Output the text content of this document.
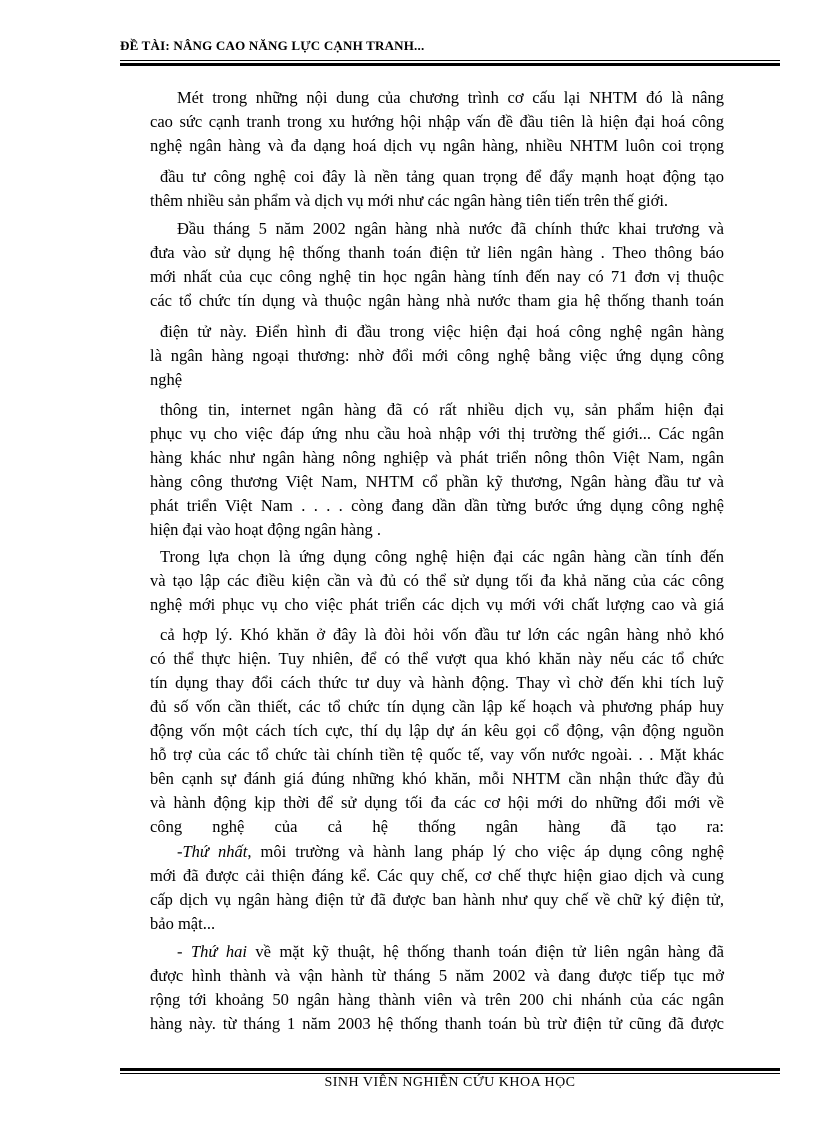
ĐỀ TÀI: NÂNG CAO NĂNG LỰC CẠNH TRANH...
Mét trong những nội dung của chương trình cơ cấu lại NHTM đó là nâng
cao sức cạnh tranh trong xu hướng hội nhập vấn đề đầu tiên là hiện đại hoá công
nghệ ngân hàng và đa dạng hoá dịch vụ ngân hàng, nhiều NHTM luôn coi trọng
đầu tư công nghệ coi đây là nền tảng quan trọng để đẩy mạnh hoạt động tạo
thêm nhiều sản phẩm và dịch vụ mới như các ngân hàng tiên tiến trên thế giới.
Đầu tháng 5 năm 2002 ngân hàng nhà nước đã chính thức khai trương và
đưa vào sử dụng hệ thống thanh toán điện tử liên ngân hàng . Theo thông báo
mới nhất của cục công nghệ tin học ngân hàng tính đến nay có 71 đơn vị thuộc
các tổ chức tín dụng và thuộc ngân hàng nhà nước tham gia hệ thống thanh toán
điện tử này. Điển hình đi đầu trong việc hiện đại hoá công nghệ ngân hàng
là ngân hàng ngoại thương: nhờ đổi mới công nghệ bằng việc ứng dụng công
nghệ
thông tin, internet ngân hàng đã có rất nhiều dịch vụ, sản phẩm hiện đại
phục vụ cho việc đáp ứng nhu cầu hoà nhập với thị trường thế giới... Các ngân
hàng khác như ngân hàng nông nghiệp và phát triển nông thôn Việt Nam, ngân
hàng công thương Việt Nam, NHTM cổ phần kỹ thương, Ngân hàng đầu tư và
phát triển Việt Nam . . . . còng đang dần dần từng bước ứng dụng công nghệ
hiện đại vào hoạt động ngân hàng .
Trong lựa chọn là ứng dụng công nghệ hiện đại các ngân hàng cần tính đến
và tạo lập các điều kiện cần và đủ có thể sử dụng tối đa khả năng của các công
nghệ mới phục vụ cho việc phát triển các dịch vụ mới với chất lượng cao và giá
cả hợp lý. Khó khăn ở đây là đòi hỏi vốn đầu tư lớn các ngân hàng nhỏ khó
có thể thực hiện. Tuy nhiên, để có thể vượt qua khó khăn này nếu các tổ chức
tín dụng thay đổi cách thức tư duy và hành động. Thay vì chờ đến khi tích luỹ
đủ số vốn cần thiết, các tổ chức tín dụng cần lập kế hoạch và phương pháp huy
động vốn một cách tích cực, thí dụ lập dự án kêu gọi cổ động, vận động nguồn
hỗ trợ của các tổ chức tài chính tiền tệ quốc tế, vay vốn nước ngoài. . . Mặt khác
bên cạnh sự đánh giá đúng những khó khăn, mỗi NHTM cần nhận thức đầy đủ
và hành động kịp thời để sử dụng tối đa các cơ hội mới do những đổi mới về
công nghệ của cả hệ thống ngân hàng đã tạo ra:
-Thứ nhất, môi trường và hành lang pháp lý cho việc áp dụng công nghệ
mới đã được cải thiện đáng kể. Các quy chế, cơ chế thực hiện giao dịch và cung
cấp dịch vụ ngân hàng điện tử đã được ban hành như quy chế về chữ ký điện tử,
bảo mật...
- Thứ hai về mặt kỹ thuật, hệ thống thanh toán điện tử liên ngân hàng đã
được hình thành và vận hành từ tháng 5 năm 2002 và đang được tiếp tục mở
rộng tới khoảng 50 ngân hàng thành viên và trên 200 chi nhánh của các ngân
hàng này. từ tháng 1 năm 2003 hệ thống thanh toán bù trừ điện tử cũng đã được
SINH VIÊN NGHIÊN CỨU KHOA HỌC
